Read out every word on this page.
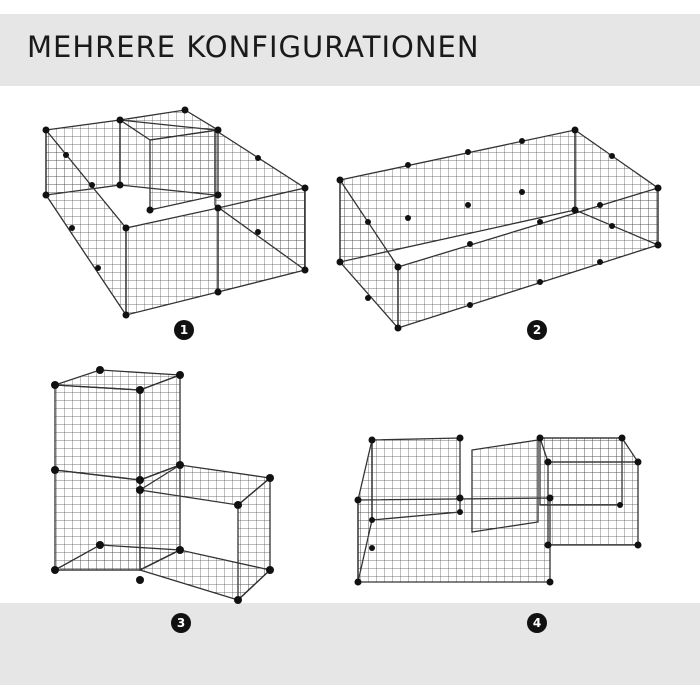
MEHRERE KONFIGURATIONEN
1	2
3	4
